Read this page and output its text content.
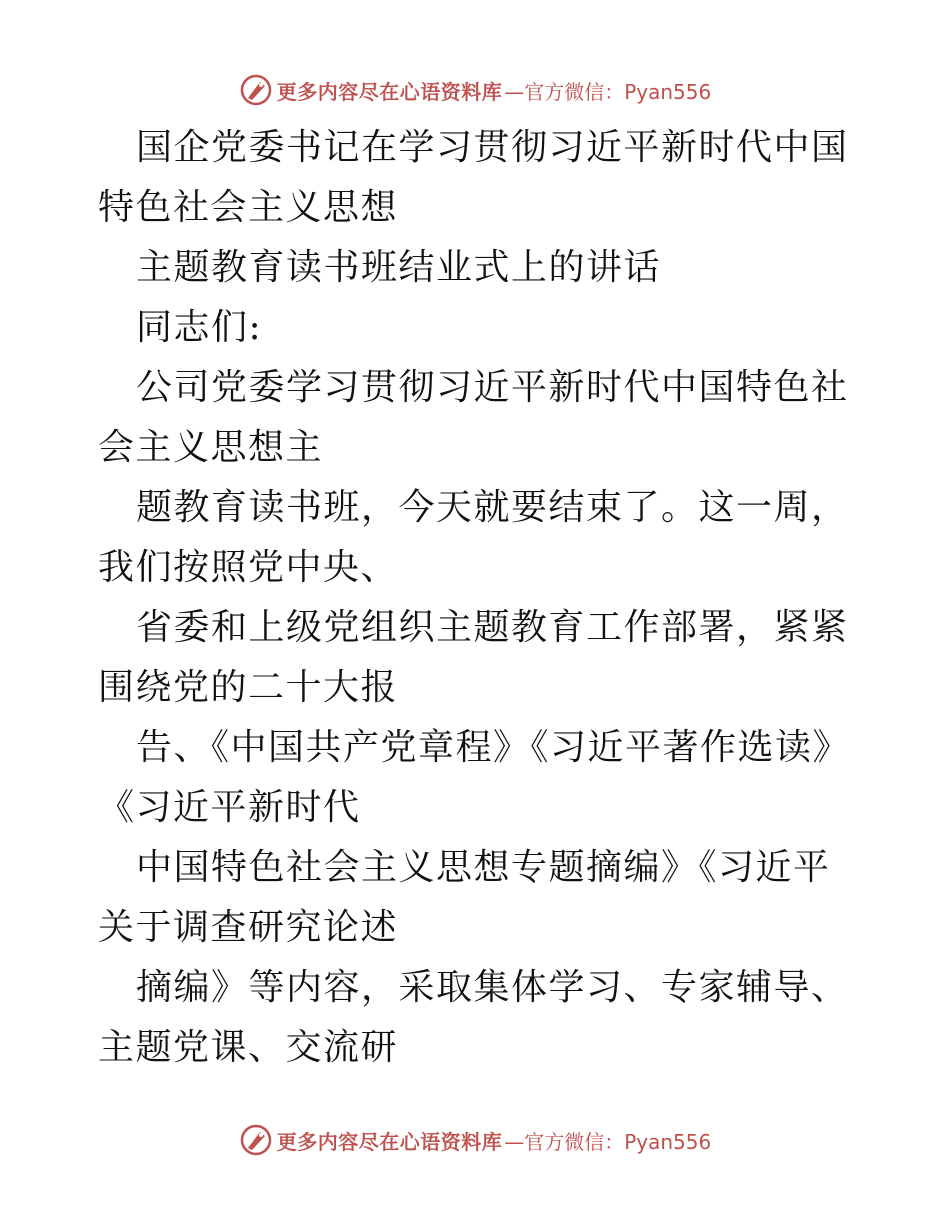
更多内容尽在心语资料库 —官方微信：Pyan556

国企党委书记在学习贯彻习近平新时代中国特色社会主义思想

主题教育读书班结业式上的讲话

同志们:

公司党委学习贯彻习近平新时代中国特色社会主义思想主

题教育读书班，今天就要结束了。这一周，我们按照党中央、

省委和上级党组织主题教育工作部署，紧紧围绕党的二十大报

告、《中国共产党章程》《习近平著作选读》《习近平新时代

中国特色社会主义思想专题摘编》《习近平关于调查研究论述

摘编》等内容，采取集体学习、专家辅导、主题党课、交流研

更多内容尽在心语资料库 —官方微信：Pyan556
